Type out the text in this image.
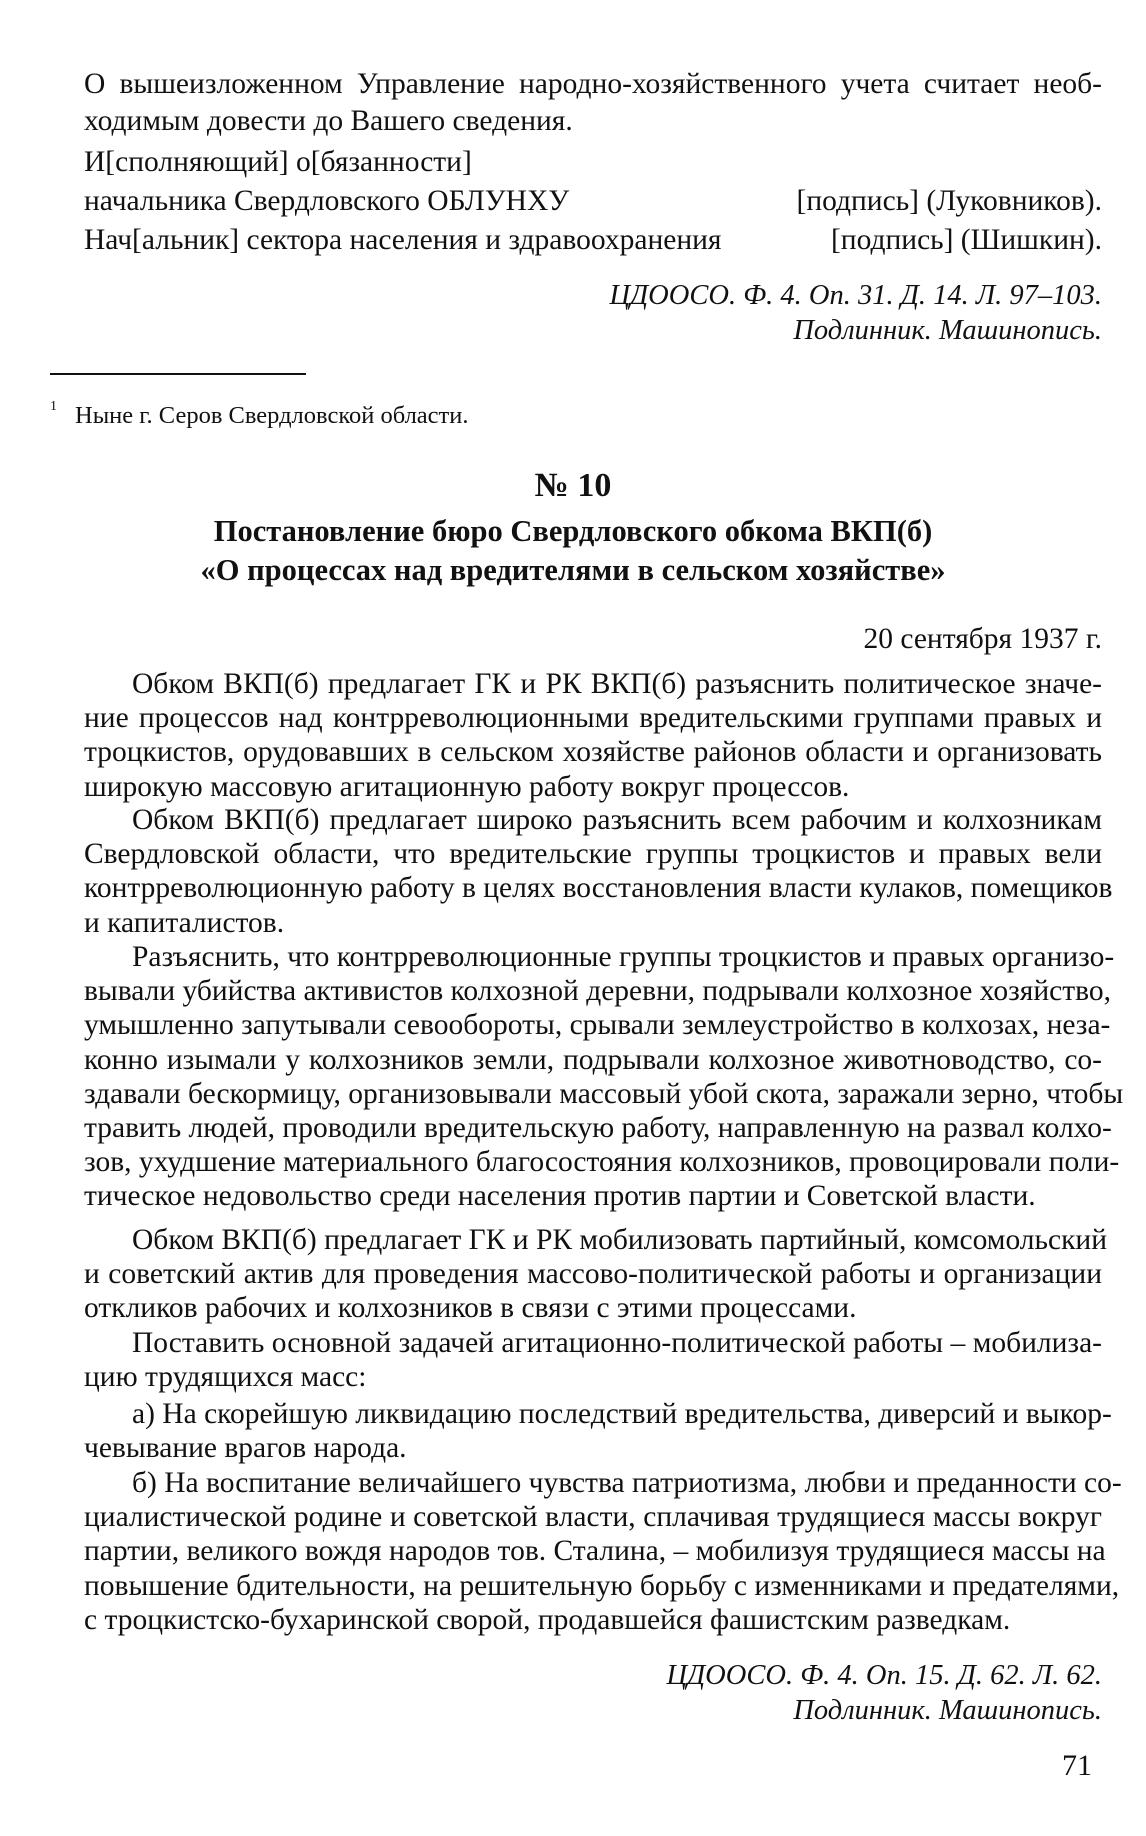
О вышеизложенном Управление народно-хозяйственного учета считает необ-
ходимым довести до Вашего сведения.
И[сполняющий] о[бязанности]
начальника Свердловского ОБЛУНХУ	[подпись] (Луковников).
Нач[альник] сектора населения и здравоохранения	[подпись] (Шишкин).
ЦДООСО. Ф. 4. Оп. 31. Д. 14. Л. 97–103.
Подлинник. Машинопись.
$^1$ Ныне г. Серов Свердловской области.
№ 10
Постановление бюро Свердловского обкома ВКП(б)
«О процессах над вредителями в сельском хозяйстве»
20 сентября 1937 г.
Обком ВКП(б) предлагает ГК и РК ВКП(б) разъяснить политическое значе-
ние процессов над контрреволюционными вредительскими группами правых и
троцкистов, орудовавших в сельском хозяйстве районов области и организовать
широкую массовую агитационную работу вокруг процессов.
Обком ВКП(б) предлагает широко разъяснить всем рабочим и колхозникам
Свердловской области, что вредительские группы троцкистов и правых вели
контрреволюционную работу в целях восстановления власти кулаков, помещиков
и капиталистов.
Разъяснить, что контрреволюционные группы троцкистов и правых организо-
вывали убийства активистов колхозной деревни, подрывали колхозное хозяйство,
умышленно запутывали севообороты, срывали землеустройство в колхозах, неза-
конно изымали у колхозников земли, подрывали колхозное животноводство, со-
здавали бескормицу, организовывали массовый убой скота, заражали зерно, чтобы
травить людей, проводили вредительскую работу, направленную на развал колхо-
зов, ухудшение материального благосостояния колхозников, провоцировали поли-
тическое недовольство среди населения против партии и Советской власти.
Обком ВКП(б) предлагает ГК и РК мобилизовать партийный, комсомольский
и советский актив для проведения массово-политической работы и организации
откликов рабочих и колхозников в связи с этими процессами.
Поставить основной задачей агитационно-политической работы – мобилиза-
цию трудящихся масс:
а) На скорейшую ликвидацию последствий вредительства, диверсий и выкор-
чевывание врагов народа.
б) На воспитание величайшего чувства патриотизма, любви и преданности со-
циалистической родине и советской власти, сплачивая трудящиеся массы вокруг
партии, великого вождя народов тов. Сталина, – мобилизуя трудящиеся массы на
повышение бдительности, на решительную борьбу с изменниками и предателями,
с троцкистско-бухаринской сворой, продавшейся фашистским разведкам.
ЦДООСО. Ф. 4. Оп. 15. Д. 62. Л. 62.
Подлинник. Машинопись.
71
